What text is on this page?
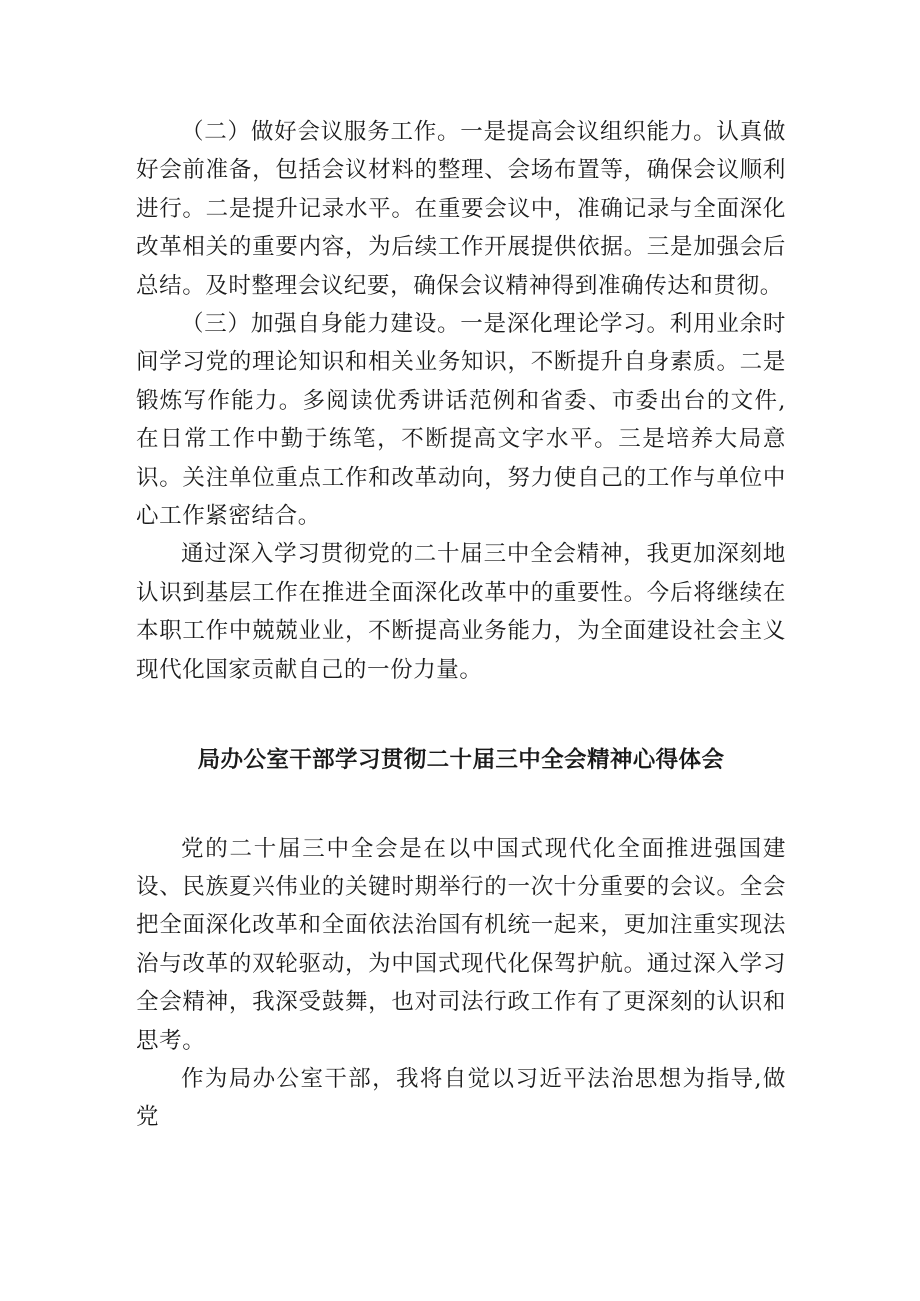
（二）做好会议服务工作。一是提高会议组织能力。认真做好会前准备，包括会议材料的整理、会场布置等，确保会议顺利进行。二是提升记录水平。在重要会议中，准确记录与全面深化改革相关的重要内容，为后续工作开展提供依据。三是加强会后总结。及时整理会议纪要，确保会议精神得到准确传达和贯彻。

（三）加强自身能力建设。一是深化理论学习。利用业余时间学习党的理论知识和相关业务知识，不断提升自身素质。二是锻炼写作能力。多阅读优秀讲话范例和省委、市委出台的文件,在日常工作中勤于练笔，不断提高文字水平。三是培养大局意识。关注单位重点工作和改革动向，努力使自己的工作与单位中心工作紧密结合。

通过深入学习贯彻党的二十届三中全会精神，我更加深刻地认识到基层工作在推进全面深化改革中的重要性。今后将继续在本职工作中兢兢业业，不断提高业务能力，为全面建设社会主义现代化国家贡献自己的一份力量。

局办公室干部学习贯彻二十届三中全会精神心得体会

党的二十届三中全会是在以中国式现代化全面推进强国建设、民族夏兴伟业的关键时期举行的一次十分重要的会议。全会把全面深化改革和全面依法治国有机统一起来，更加注重实现法治与改革的双轮驱动，为中国式现代化保驾护航。通过深入学习全会精神，我深受鼓舞，也对司法行政工作有了更深刻的认识和思考。

作为局办公室干部，我将自觉以习近平法治思想为指导,做党
